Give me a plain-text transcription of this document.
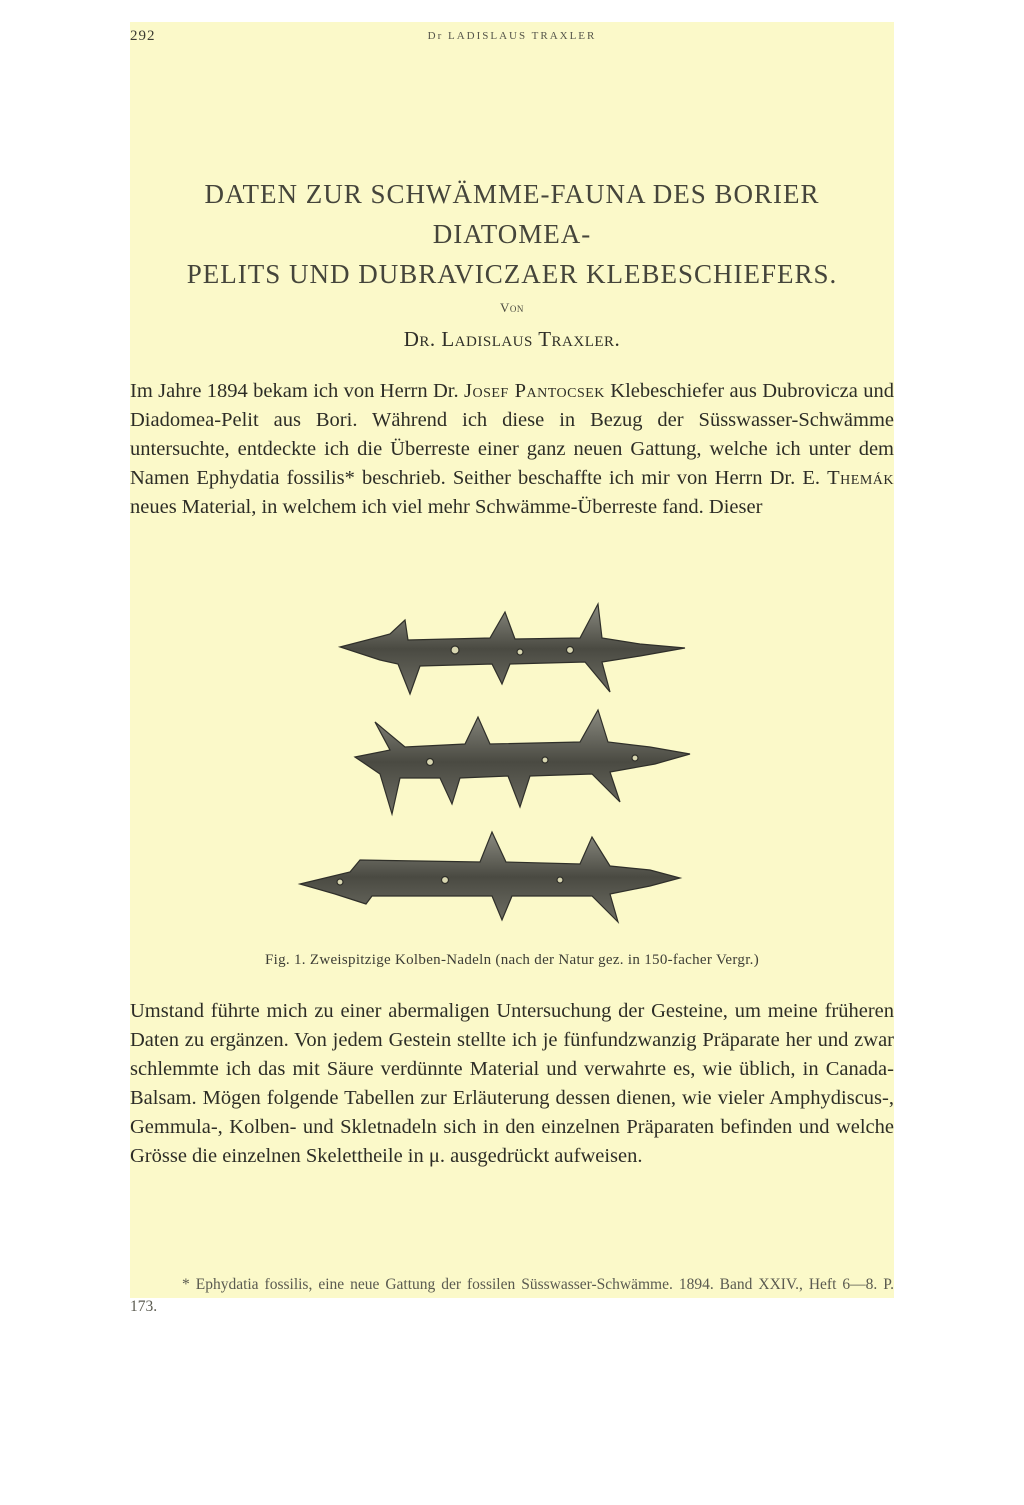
292	Dr LADISLAUS TRAXLER
DATEN ZUR SCHWÄMME-FAUNA DES BORIER DIATOMEA-
PELITS UND DUBRAVICZAER KLEBESCHIEFERS.
Von
Dr. Ladislaus Traxler.

Im Jahre 1894 bekam ich von Herrn Dr. Josef Pantocsek Klebeschiefer aus Dubrovicza und Diadomea-Pelit aus Bori. Während ich diese in Bezug der Süsswasser-Schwämme untersuchte, entdeckte ich die Überreste einer ganz neuen Gattung, welche ich unter dem Namen Ephydatia fossilis* beschrieb. Seither beschaffte ich mir von Herrn Dr. E. Themák neues Material, in welchem ich viel mehr Schwämme-Überreste fand. Dieser

Fig. 1. Zweispitzige Kolben-Nadeln (nach der Natur gez. in 150-facher Vergr.)

Umstand führte mich zu einer abermaligen Untersuchung der Gesteine, um meine früheren Daten zu ergänzen. Von jedem Gestein stellte ich je fünfundzwanzig Präparate her und zwar schlemmte ich das mit Säure verdünnte Material und verwahrte es, wie üblich, in Canada-Balsam. Mögen folgende Tabellen zur Erläuterung dessen dienen, wie vieler Amphydiscus-, Gemmula-, Kolben- und Skletnadeln sich in den einzelnen Präparaten befinden und welche Grösse die einzelnen Skelettheile in μ. ausgedrückt aufweisen.

* Ephydatia fossilis, eine neue Gattung der fossilen Süsswasser-Schwämme. 1894. Band XXIV., Heft 6—8. P. 173.
